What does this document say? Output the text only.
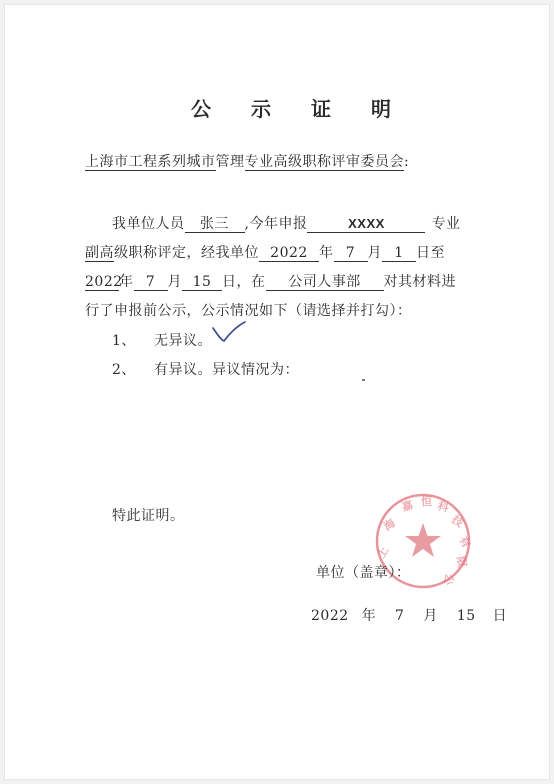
公 示 证 明
上海市工程系列城市管理专业高级职称评审委员会:
我单位人员 张三 ,今年申报	XXXX	专业
副高级职称评定，经我单位 2022 年 7 月 1 日至
2022年 7 月 15 日，在 公司人事部 对其材料进
行了申报前公示，公示情况如下（请选择并打勾）：
1、 无异议。
2、 有异议。异议情况为：
特此证明。
上
海
嘉 恒 科
技
有
限
公
单位（盖章）：
2022 年 7 月 15 日
